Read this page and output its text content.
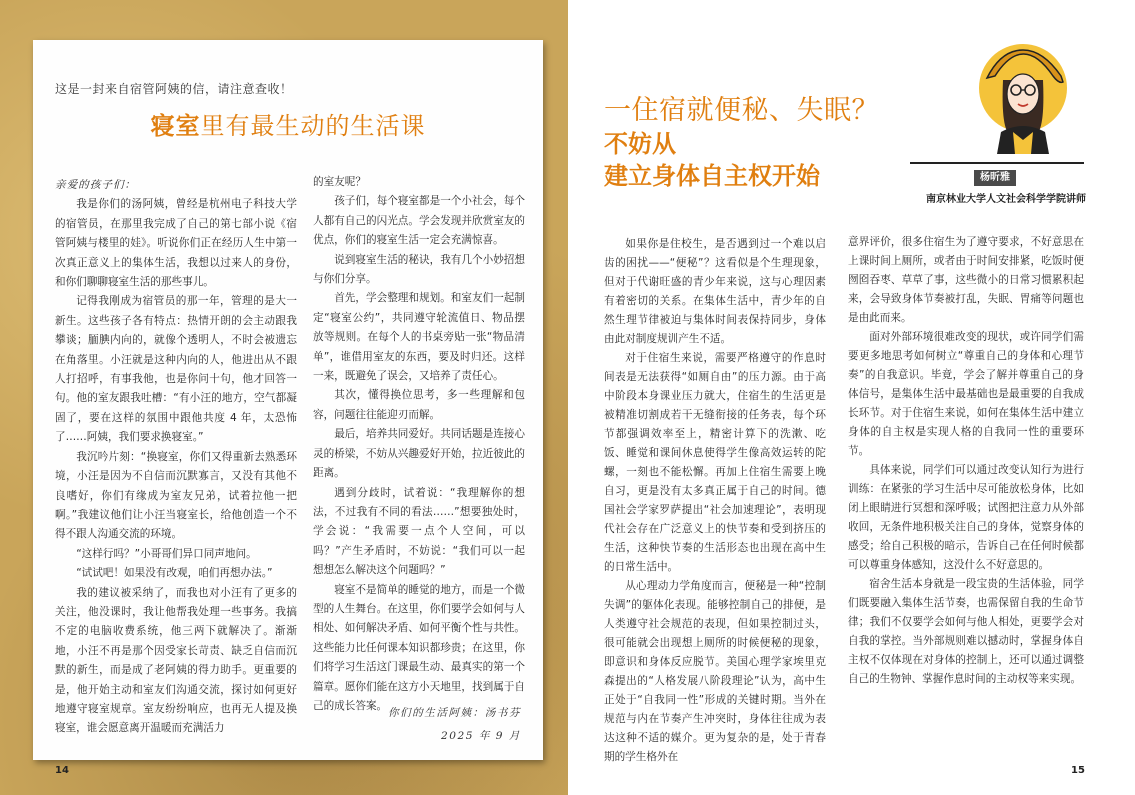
这是一封来自宿管阿姨的信，请注意查收！
寝室里有最生动的生活课

亲爱的孩子们：

我是你们的汤阿姨，曾经是杭州电子科技大学的宿管员，在那里我完成了自己的第七部小说《宿管阿姨与楼里的娃》。听说你们正在经历人生中第一次真正意义上的集体生活，我想以过来人的身份，和你们聊聊寝室生活的那些事儿。

记得我刚成为宿管员的那一年，管理的是大一新生。这些孩子各有特点：热情开朗的会主动跟我攀谈；腼腆内向的，就像个透明人，不时会被遗忘在角落里。小汪就是这种内向的人，他进出从不跟人打招呼，有事我他，也是你问十句，他才回答一句。他的室友跟我吐槽：“有小汪的地方，空气都凝固了，要在这样的氛围中跟他共度 4 年，太恐怖了……阿姨，我们要求换寝室。”

我沉吟片刻：“换寝室，你们又得重新去熟悉环境，小汪是因为不自信而沉默寡言，又没有其他不良嗜好，你们有缘成为室友兄弟，试着拉他一把啊。”我建议他们让小汪当寝室长，给他创造一个不得不跟人沟通交流的环境。

“这样行吗？”小哥哥们异口同声地问。

“试试吧！如果没有改观，咱们再想办法。”

我的建议被采纳了，而我也对小汪有了更多的关注，他没课时，我让他帮我处理一些事务。我搞不定的电脑收费系统，他三两下就解决了。渐渐地，小汪不再是那个因受家长苛责、缺乏自信而沉默的新生，而是成了老阿姨的得力助手。更重要的是，他开始主动和室友们沟通交流，探讨如何更好地遵守寝室规章。室友纷纷响应，也再无人提及换寝室，谁会愿意离开温暖而充满活力

的室友呢？

孩子们，每个寝室都是一个小社会，每个人都有自己的闪光点。学会发现并欣赏室友的优点，你们的寝室生活一定会充满惊喜。

说到寝室生活的秘诀，我有几个小妙招想与你们分享。

首先，学会整理和规划。和室友们一起制定“寝室公约”，共同遵守轮流值日、物品摆放等规则。在每个人的书桌旁贴一张“物品清单”，谁借用室友的东西，要及时归还。这样一来，既避免了误会，又培养了责任心。

其次，懂得换位思考，多一些理解和包容，问题往往能迎刃而解。

最后，培养共同爱好。共同话题是连接心灵的桥梁，不妨从兴趣爱好开始，拉近彼此的距离。

遇到分歧时，试着说：“我理解你的想法，不过我有不同的看法……”想要独处时，学会说：“我需要一点个人空间，可以吗？”产生矛盾时，不妨说：“我们可以一起想想怎么解决这个问题吗？”

寝室不是简单的睡觉的地方，而是一个微型的人生舞台。在这里，你们要学会如何与人相处、如何解决矛盾、如何平衡个性与共性。这些能力比任何课本知识都珍贵；在这里，你们将学习生活这门课最生动、最真实的第一个篇章。愿你们能在这方小天地里，找到属于自己的成长答案。

你们的生活阿姨：汤书芬
2025 年 9 月
14
一住宿就便秘、失眠？
不妨从
建立身体自主权开始	杨昕雅
南京林业大学人文社会科学学院讲师

如果你是住校生，是否遇到过一个难以启齿的困扰——“便秘”？这看似是个生理现象，但对于代谢旺盛的青少年来说，这与心理因素有着密切的关系。在集体生活中，青少年的自然生理节律被迫与集体时间表保持同步，身体由此对制度规训产生不适。

对于住宿生来说，需要严格遵守的作息时间表是无法获得“如厕自由”的压力源。由于高中阶段本身课业压力就大，住宿生的生活更是被精准切割成若干无缝衔接的任务表，每个环节都强调效率至上，精密计算下的洗漱、吃饭、睡觉和课间休息使得学生像高效运转的陀螺，一刻也不能松懈。再加上住宿生需要上晚自习，更是没有太多真正属于自己的时间。德国社会学家罗萨提出“社会加速理论”，表明现代社会存在广泛意义上的快节奏和受到挤压的生活，这种快节奏的生活形态也出现在高中生的日常生活中。

从心理动力学角度而言，便秘是一种“控制失调”的躯体化表现。能够控制自己的排便，是人类遵守社会规范的表现，但如果控制过头，很可能就会出现想上厕所的时候便秘的现象，即意识和身体反应脱节。美国心理学家埃里克森提出的“人格发展八阶段理论”认为，高中生正处于“自我同一性”形成的关键时期。当外在规范与内在节奏产生冲突时，身体往往成为表达这种不适的媒介。更为复杂的是，处于青春期的学生格外在

意界评价，很多住宿生为了遵守要求，不好意思在上课时间上厕所，或者由于时间安排紧，吃饭时便囫囵吞枣、草草了事，这些微小的日常习惯累积起来，会导致身体节奏被打乱，失眠、胃痛等问题也是由此而来。

面对外部环境很难改变的现状，或许同学们需要更多地思考如何树立“尊重自己的身体和心理节奏”的自我意识。毕竟，学会了解并尊重自己的身体信号，是集体生活中最基础也是最重要的自我成长环节。对于住宿生来说，如何在集体生活中建立身体的自主权是实现人格的自我同一性的重要环节。

具体来说，同学们可以通过改变认知行为进行训练：在紧张的学习生活中尽可能放松身体，比如闭上眼睛进行冥想和深呼吸；试图把注意力从外部收回，无条件地积极关注自己的身体，觉察身体的感受；给自己积极的暗示，告诉自己在任何时候都可以尊重身体感知，这没什么不好意思的。

宿舍生活本身就是一段宝贵的生活体验，同学们既要融入集体生活节奏，也需保留自我的生命节律；我们不仅要学会如何与他人相处，更要学会对自我的掌控。当外部规则难以撼动时，掌握身体自主权不仅体现在对身体的控制上，还可以通过调整自己的生物钟、掌握作息时间的主动权等来实现。

15
